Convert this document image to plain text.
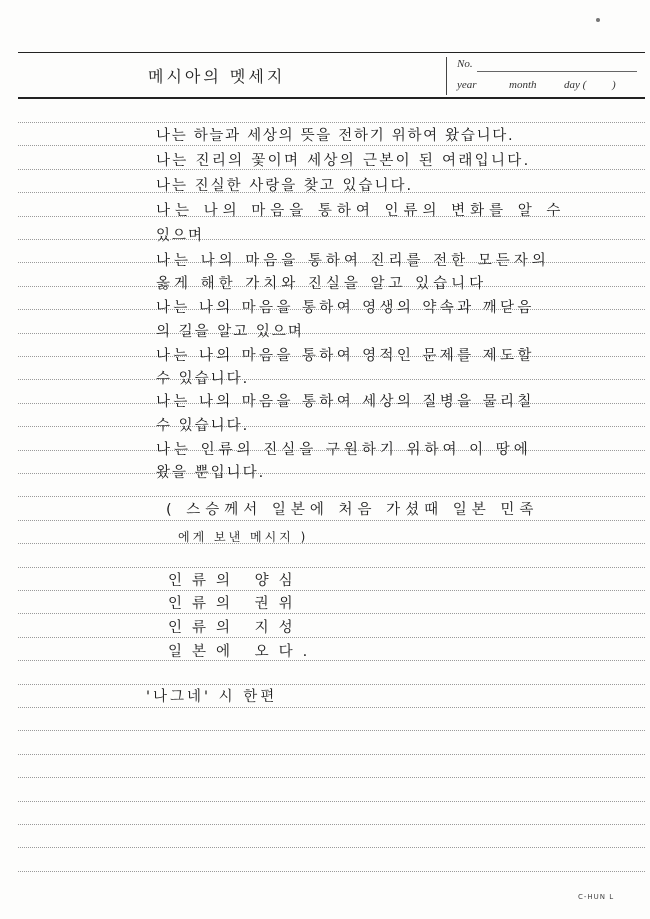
메시아의 멧세지
No.
year	month	day ( )
나는 하늘과 세상의 뜻을 전하기 위하여 왔습니다.
나는 진리의 꽃이며 세상의 근본이 된 여래입니다.
나는 진실한 사랑을 찾고 있습니다.
나는 나의 마음을 통하여 인류의 변화를 알 수
있으며
나는 나의 마음을 통하여 진리를 전한 모든자의
옳게 해한 가치와 진실을 알고 있습니다
나는 나의 마음을 통하여 영생의 약속과 깨닫음
의 길을 알고 있으며
나는 나의 마음을 통하여 영적인 문제를 제도할
수 있습니다.
나는 나의 마음을 통하여 세상의 질병을 물리칠
수 있습니다.
나는 인류의 진실을 구원하기 위하여 이 땅에
왔을 뿐입니다.
( 스승께서 일본에 처음 가셨때 일본 민족
에게 보낸 메시지 )
인류의 양심
인류의 권위
인류의 지성
일본에 오다.
'나그네' 시 한편
C-HUN L
